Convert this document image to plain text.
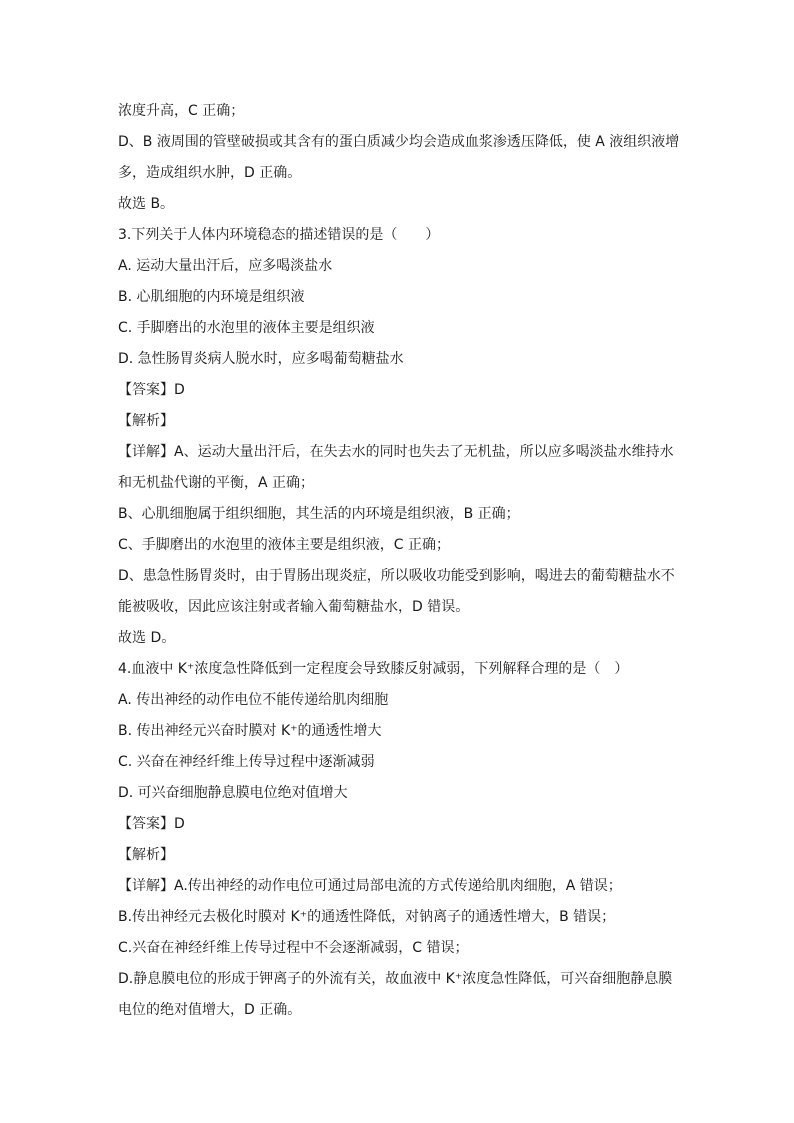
浓度升高，C 正确；
D、B 液周围的管壁破损或其含有的蛋白质减少均会造成血浆渗透压降低，使 A 液组织液增
多，造成组织水肿，D 正确。
故选 B。
3.下列关于人体内环境稳态的描述错误的是（　　）
A. 运动大量出汗后，应多喝淡盐水
B. 心肌细胞的内环境是组织液
C. 手脚磨出的水泡里的液体主要是组织液
D. 急性肠胃炎病人脱水时，应多喝葡萄糖盐水
【答案】D
【解析】
【详解】A、运动大量出汗后，在失去水的同时也失去了无机盐，所以应多喝淡盐水维持水
和无机盐代谢的平衡，A 正确；
B、心肌细胞属于组织细胞，其生活的内环境是组织液，B 正确；
C、手脚磨出的水泡里的液体主要是组织液，C 正确；
D、患急性肠胃炎时，由于胃肠出现炎症，所以吸收功能受到影响，喝进去的葡萄糖盐水不
能被吸收，因此应该注射或者输入葡萄糖盐水，D 错误。
故选 D。
4.血液中 K⁺浓度急性降低到一定程度会导致膝反射减弱，下列解释合理的是（　）
A. 传出神经的动作电位不能传递给肌肉细胞
B. 传出神经元兴奋时膜对 K⁺的通透性增大
C. 兴奋在神经纤维上传导过程中逐渐减弱
D. 可兴奋细胞静息膜电位绝对值增大
【答案】D
【解析】
【详解】A.传出神经的动作电位可通过局部电流的方式传递给肌肉细胞，A 错误；
B.传出神经元去极化时膜对 K⁺的通透性降低，对钠离子的通透性增大，B 错误；
C.兴奋在神经纤维上传导过程中不会逐渐减弱，C 错误；
D.静息膜电位的形成于钾离子的外流有关，故血液中 K⁺浓度急性降低，可兴奋细胞静息膜
电位的绝对值增大，D 正确。
